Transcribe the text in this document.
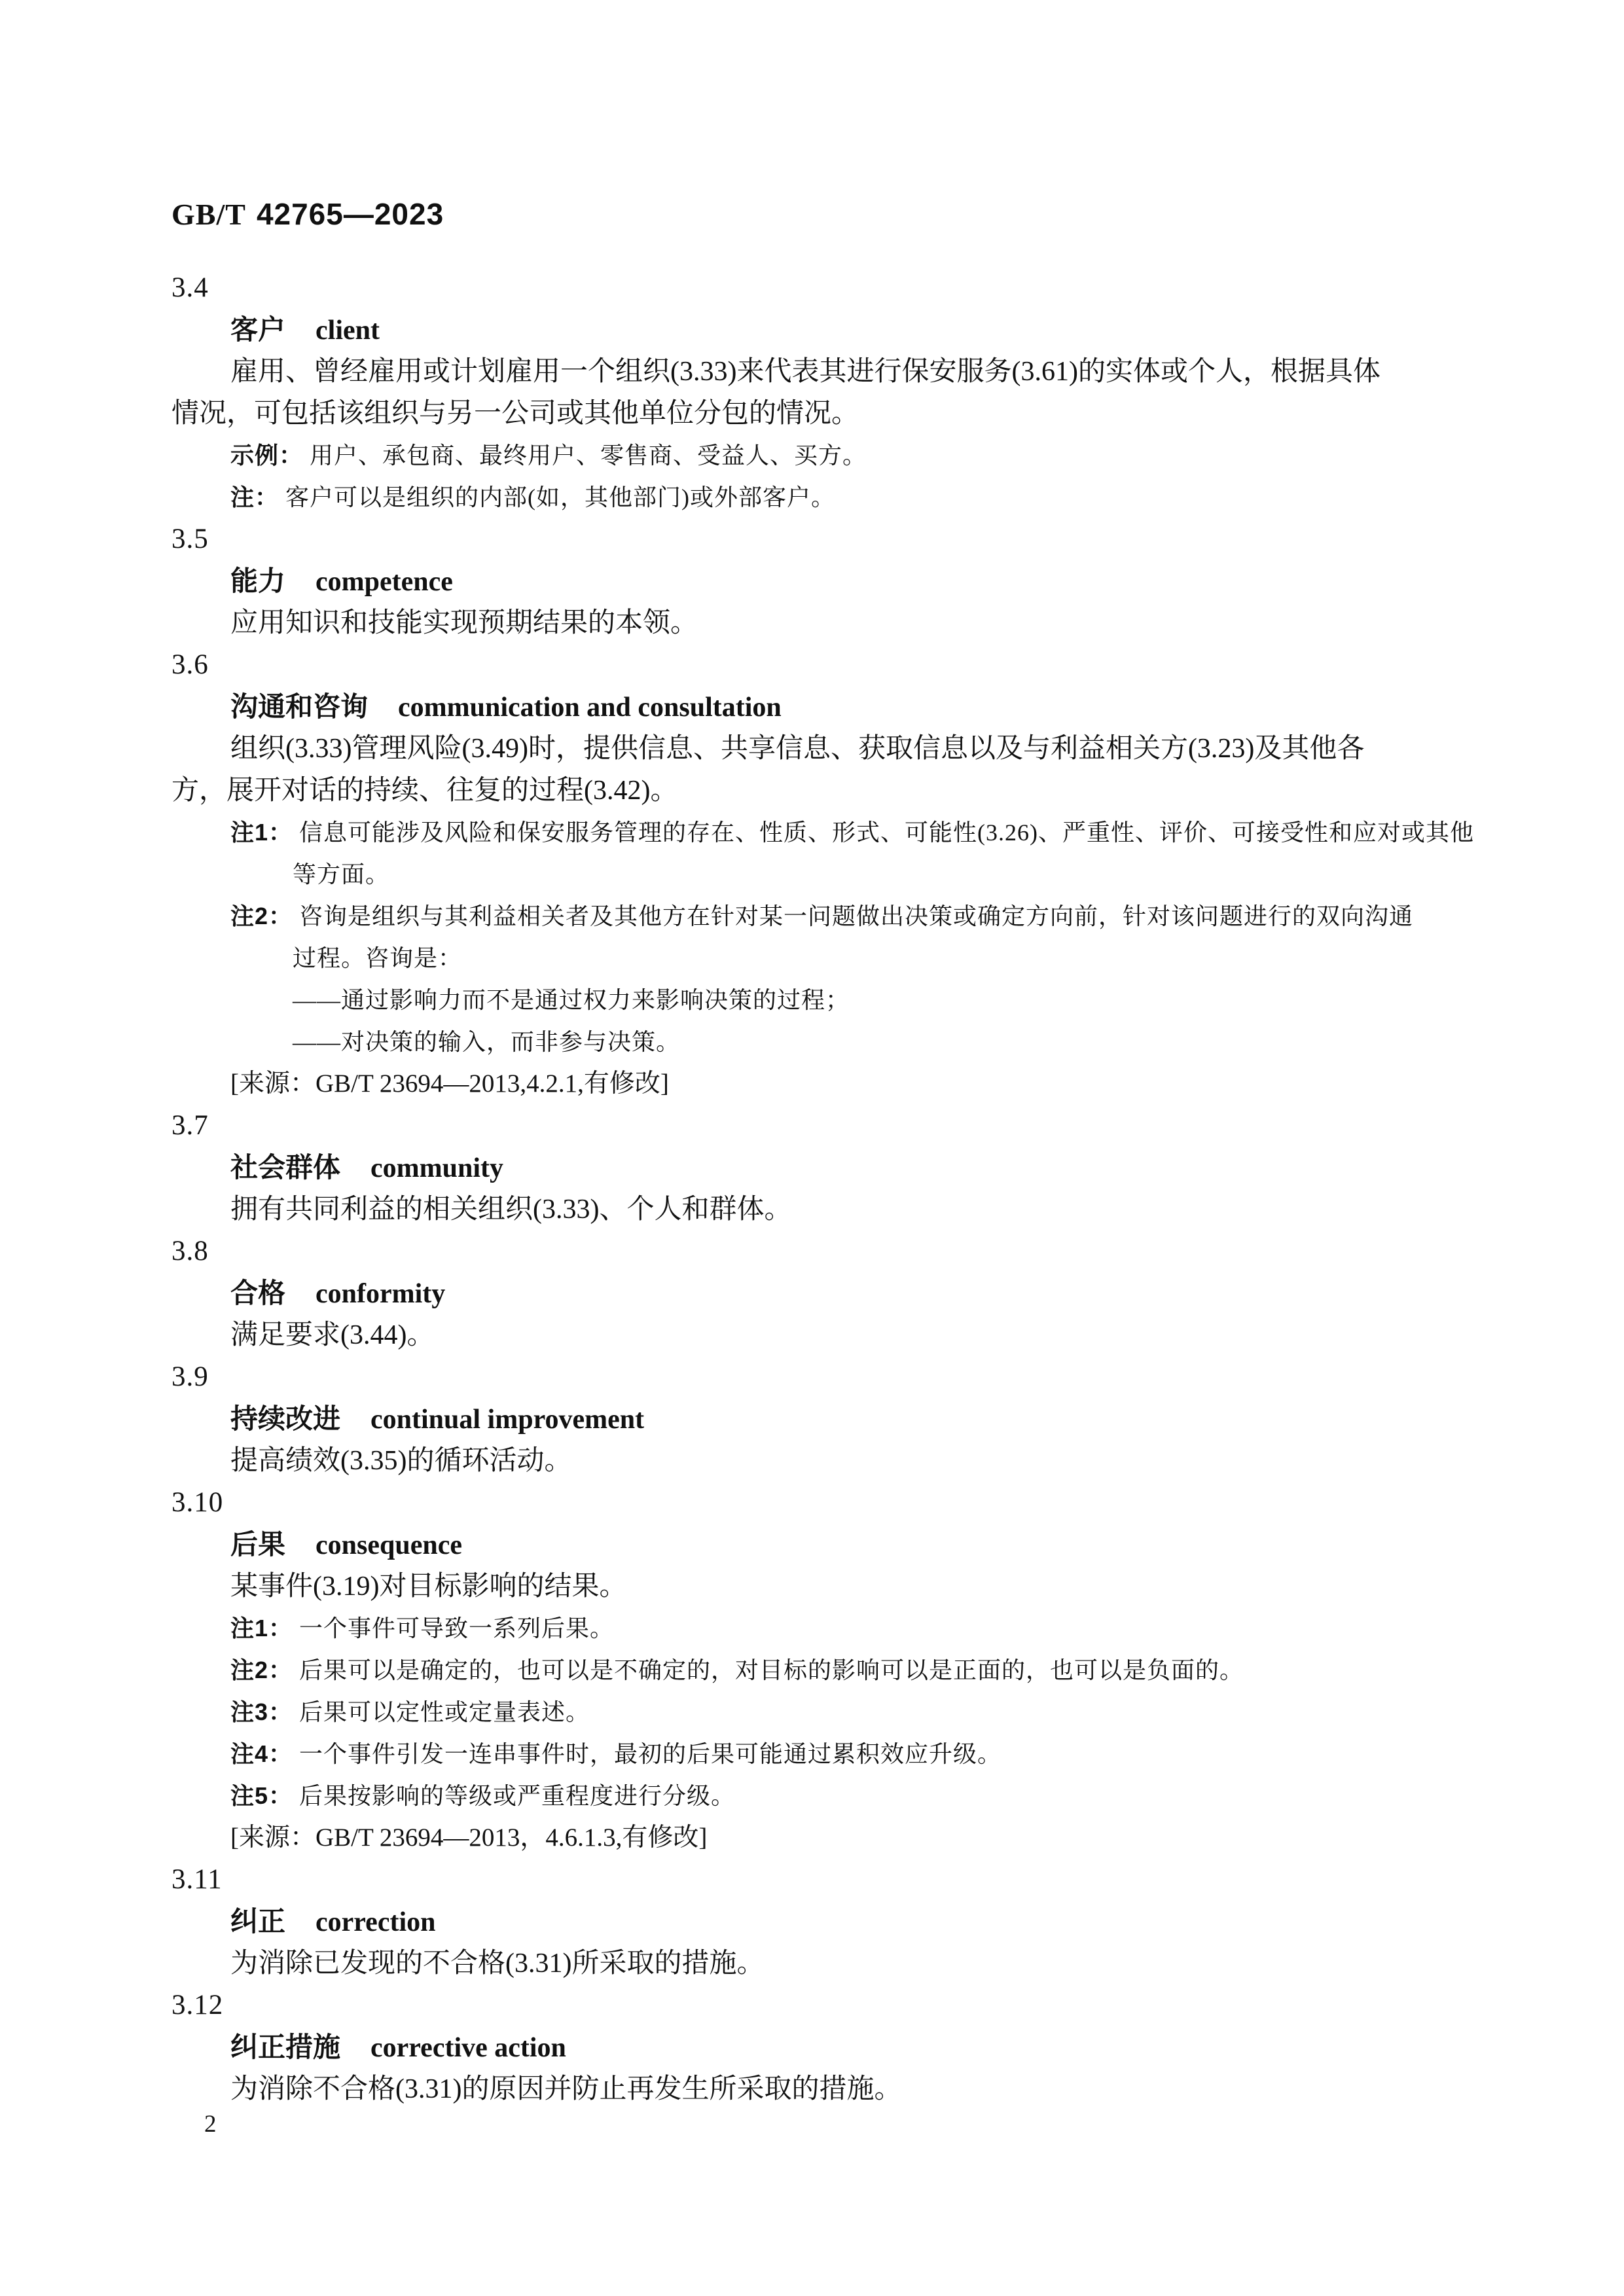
GB/T 42765—2023
3.4
客户 client
雇用、曾经雇用或计划雇用一个组织(3.33)来代表其进行保安服务(3.61)的实体或个人，根据具体
情况，可包括该组织与另一公司或其他单位分包的情况。
示例： 用户、承包商、最终用户、零售商、受益人、买方。
注： 客户可以是组织的内部(如，其他部门)或外部客户。
3.5
能力 competence
应用知识和技能实现预期结果的本领。
3.6
沟通和咨询 communication and consultation
组织(3.33)管理风险(3.49)时，提供信息、共享信息、获取信息以及与利益相关方(3.23)及其他各
方，展开对话的持续、往复的过程(3.42)。
注1： 信息可能涉及风险和保安服务管理的存在、性质、形式、可能性(3.26)、严重性、评价、可接受性和应对或其他
等方面。
注2： 咨询是组织与其利益相关者及其他方在针对某一问题做出决策或确定方向前，针对该问题进行的双向沟通
过程。咨询是：
——通过影响力而不是通过权力来影响决策的过程；
——对决策的输入，而非参与决策。
[来源：GB/T 23694—2013,4.2.1,有修改]
3.7
社会群体 community
拥有共同利益的相关组织(3.33)、个人和群体。
3.8
合格 conformity
满足要求(3.44)。
3.9
持续改进 continual improvement
提高绩效(3.35)的循环活动。
3.10
后果 consequence
某事件(3.19)对目标影响的结果。
注1： 一个事件可导致一系列后果。
注2： 后果可以是确定的，也可以是不确定的，对目标的影响可以是正面的，也可以是负面的。
注3： 后果可以定性或定量表述。
注4： 一个事件引发一连串事件时，最初的后果可能通过累积效应升级。
注5： 后果按影响的等级或严重程度进行分级。
[来源：GB/T 23694—2013，4.6.1.3,有修改]
3.11
纠正 correction
为消除已发现的不合格(3.31)所采取的措施。
3.12
纠正措施 corrective action
为消除不合格(3.31)的原因并防止再发生所采取的措施。
2
